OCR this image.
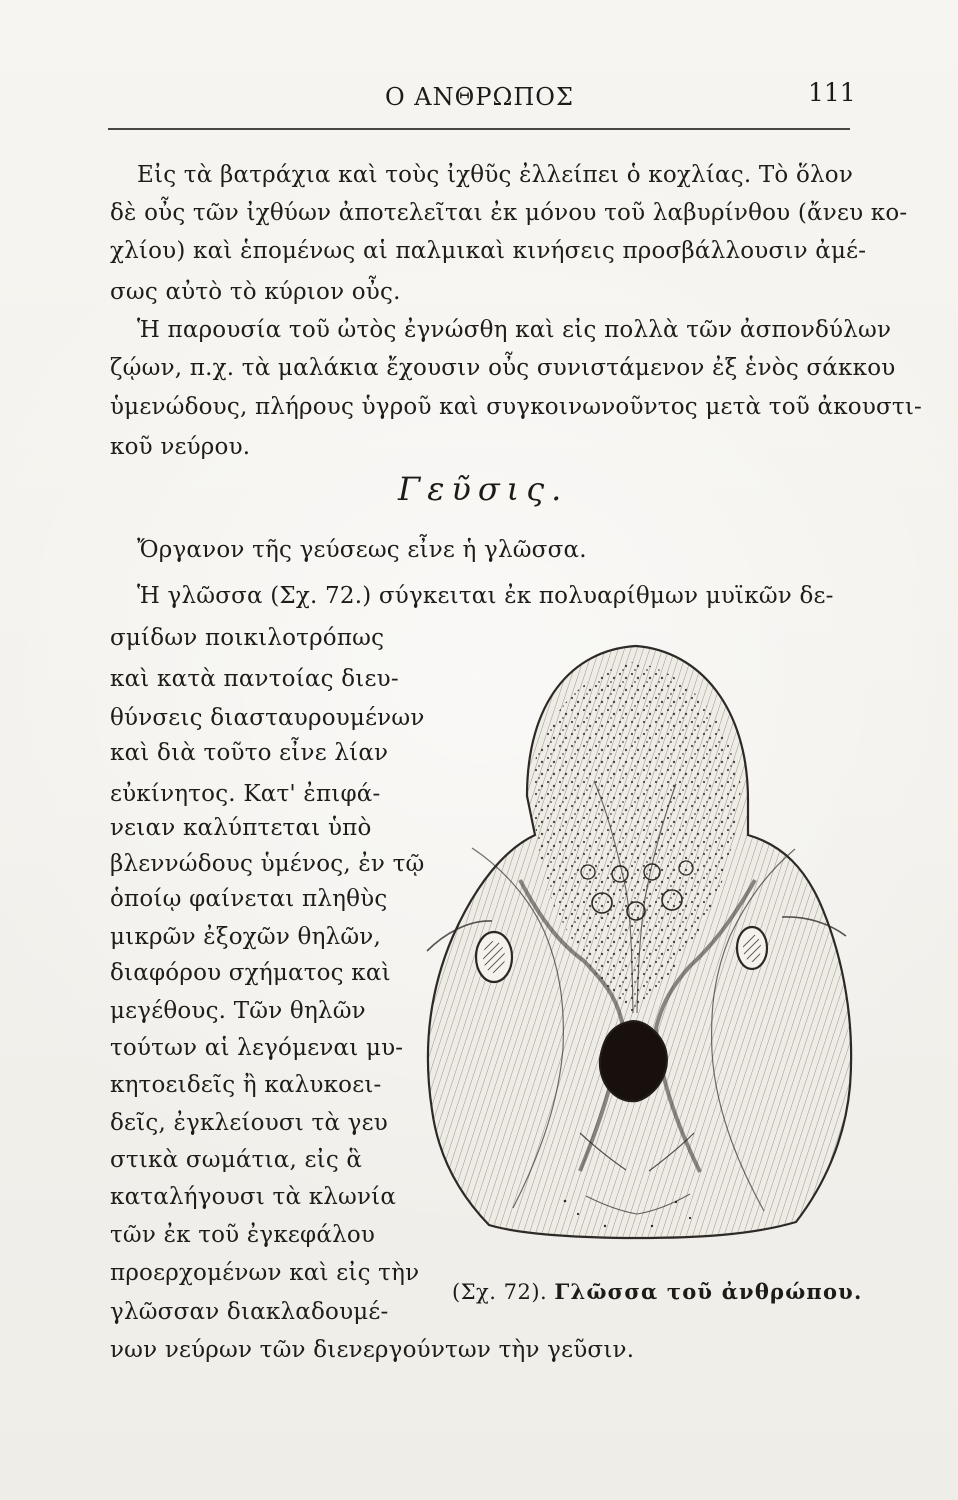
Ο ΑΝΘΡΩΠΟΣ	111
Εἰς τὰ βατράχια καὶ τοὺς ἰχθῦς ἐλλείπει ὁ κοχλίας. Τὸ ὅλον
δὲ οὖς τῶν ἰχθύων ἀποτελεῖται ἐκ μόνου τοῦ λαβυρίνθου (ἄνευ κο-
χλίου) καὶ ἑπομένως αἱ παλμικαὶ κινήσεις προσβάλλουσιν ἀμέ-
σως αὐτὸ τὸ κύριον οὖς.
Ἡ παρουσία τοῦ ὠτὸς ἐγνώσθη καὶ εἰς πολλὰ τῶν ἀσπονδύλων
ζῴων, π.χ. τὰ μαλάκια ἔχουσιν οὖς συνιστάμενον ἐξ ἑνὸς σάκκου
ὑμενώδους, πλήρους ὑγροῦ καὶ συγκοινωνοῦντος μετὰ τοῦ ἀκουστι-
κοῦ νεύρου.
Γεῦσις.
Ὄργανον τῆς γεύσεως εἶνε ἡ γλῶσσα.
Ἡ γλῶσσα (Σχ. 72.) σύγκειται ἐκ πολυαρίθμων μυϊκῶν δε-
σμίδων ποικιλοτρόπως
καὶ κατὰ παντοίας διευ-
θύνσεις διασταυρουμένων
καὶ διὰ τοῦτο εἶνε λίαν
εὐκίνητος. Κατ' ἐπιφά-
νειαν καλύπτεται ὑπὸ
βλεννώδους ὑμένος, ἐν τῷ
ὁποίῳ φαίνεται πληθὺς
μικρῶν ἐξοχῶν θηλῶν,
διαφόρου σχήματος καὶ
μεγέθους. Τῶν θηλῶν
τούτων αἱ λεγόμεναι μυ-
κητοειδεῖς ἢ καλυκοει-
δεῖς, ἐγκλείουσι τὰ γευ
στικὰ σωμάτια, εἰς ἃ
καταλήγουσι τὰ κλωνία
τῶν ἐκ τοῦ ἐγκεφάλου
προερχομένων καὶ εἰς τὴν
γλῶσσαν διακλαδουμέ-
νων νεύρων τῶν διενεργούντων τὴν γεῦσιν.
(Σχ. 72). Γλῶσσα τοῦ ἀνθρώπου.
